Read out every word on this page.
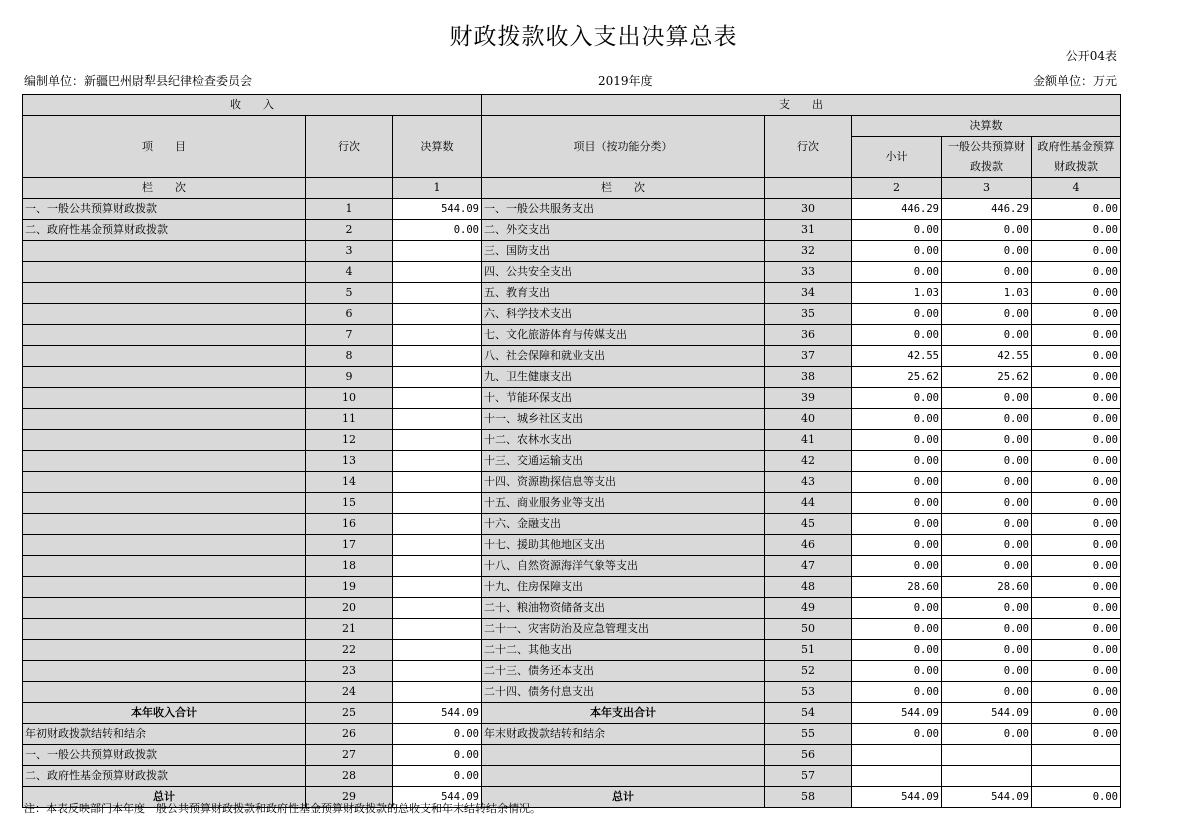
财政拨款收入支出决算总表
公开04表
编制单位：新疆巴州尉犁县纪律检查委员会	2019年度	金额单位：万元
收　　入			支　　出				
项　　目	行次	决算数	项目（按功能分类）	行次	决算数		
					小计	一般公共预算财政拨款	政府性基金预算财政拨款
栏　　次		1	栏　　次		2	3	4
一、一般公共预算财政拨款	1	544.09	一、一般公共服务支出	30	446.29	446.29	0.00
二、政府性基金预算财政拨款	2	0.00	二、外交支出	31	0.00	0.00	0.00
	3		三、国防支出	32	0.00	0.00	0.00
	4		四、公共安全支出	33	0.00	0.00	0.00
	5		五、教育支出	34	1.03	1.03	0.00
	6		六、科学技术支出	35	0.00	0.00	0.00
	7		七、文化旅游体育与传媒支出	36	0.00	0.00	0.00
	8		八、社会保障和就业支出	37	42.55	42.55	0.00
	9		九、卫生健康支出	38	25.62	25.62	0.00
	10		十、节能环保支出	39	0.00	0.00	0.00
	11		十一、城乡社区支出	40	0.00	0.00	0.00
	12		十二、农林水支出	41	0.00	0.00	0.00
	13		十三、交通运输支出	42	0.00	0.00	0.00
	14		十四、资源勘探信息等支出	43	0.00	0.00	0.00
	15		十五、商业服务业等支出	44	0.00	0.00	0.00
	16		十六、金融支出	45	0.00	0.00	0.00
	17		十七、援助其他地区支出	46	0.00	0.00	0.00
	18		十八、自然资源海洋气象等支出	47	0.00	0.00	0.00
	19		十九、住房保障支出	48	28.60	28.60	0.00
	20		二十、粮油物资储备支出	49	0.00	0.00	0.00
	21		二十一、灾害防治及应急管理支出	50	0.00	0.00	0.00
	22		二十二、其他支出	51	0.00	0.00	0.00
	23		二十三、债务还本支出	52	0.00	0.00	0.00
	24		二十四、债务付息支出	53	0.00	0.00	0.00
本年收入合计	25	544.09	本年支出合计	54	544.09	544.09	0.00
年初财政拨款结转和结余	26	0.00	年末财政拨款结转和结余	55	0.00	0.00	0.00
一、一般公共预算财政拨款	27	0.00		56			
二、政府性基金预算财政拨款	28	0.00		57			
总计	29	544.09	总计	58	544.09	544.09	0.00
注：本表反映部门本年度一般公共预算财政拨款和政府性基金预算财政拨款的总收支和年末结转结余情况。
